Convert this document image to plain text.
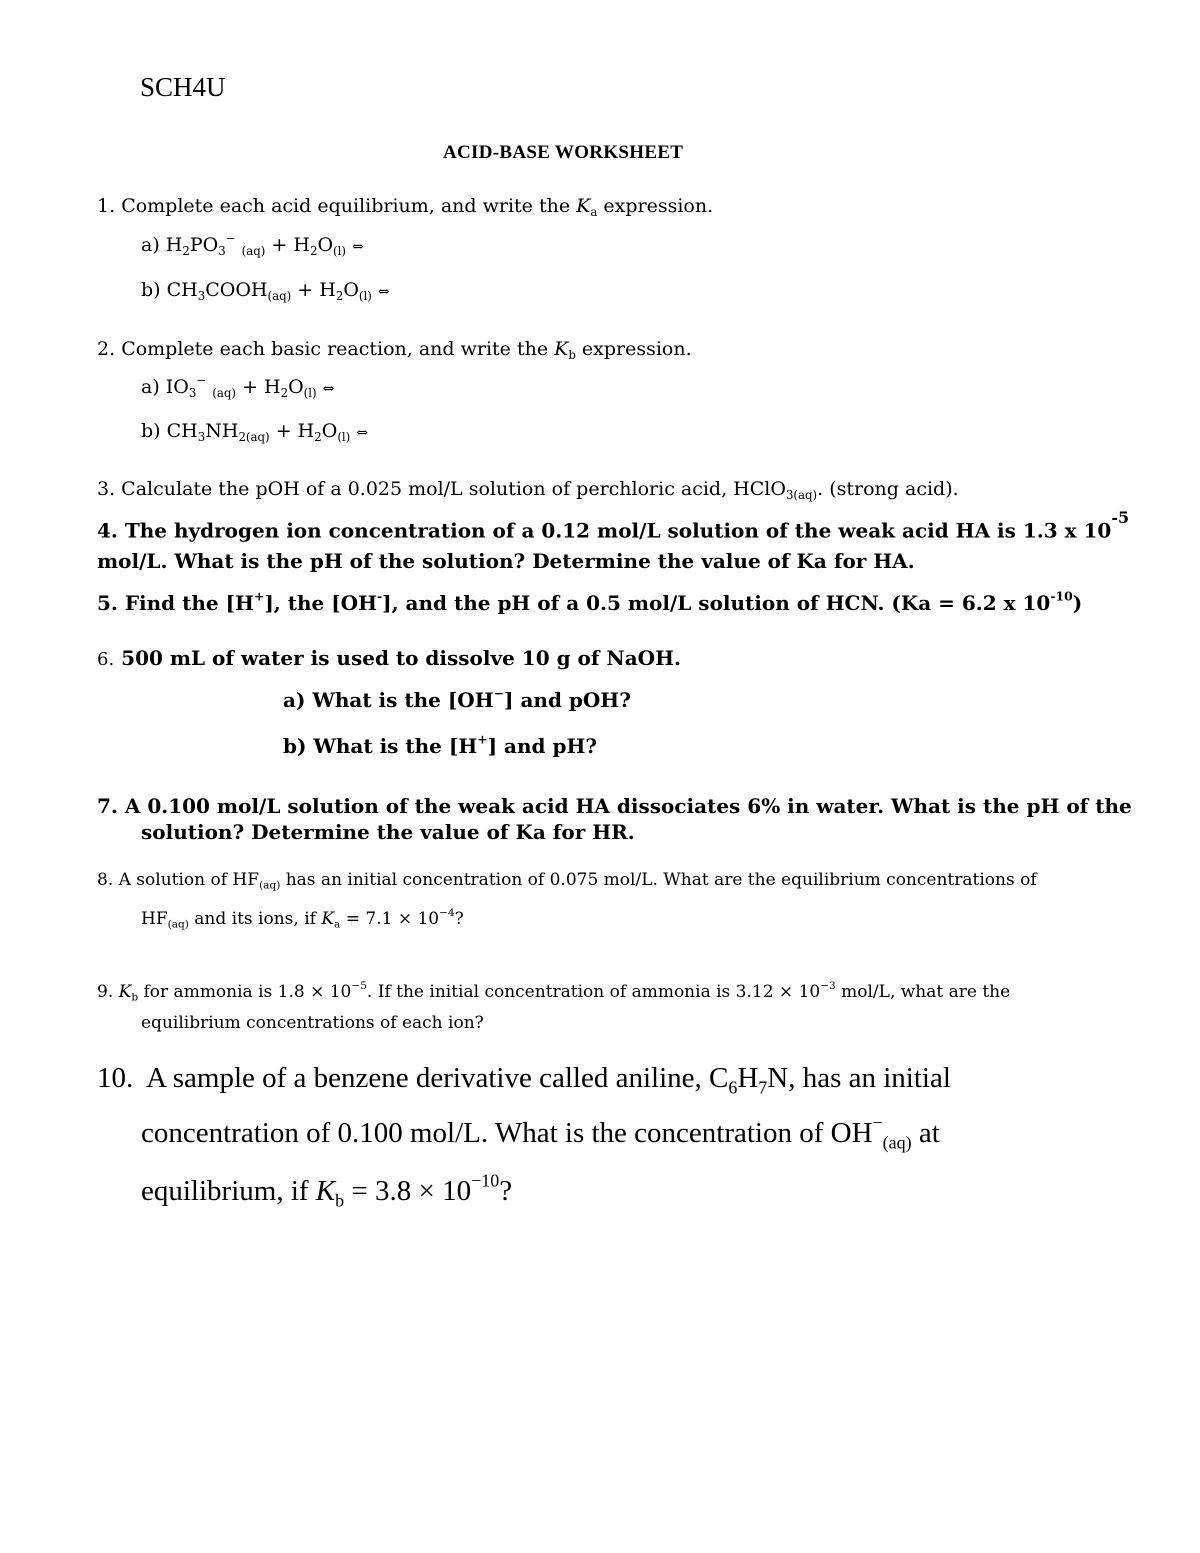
SCH4U
ACID-BASE WORKSHEET
1. Complete each acid equilibrium, and write the $K_a$ expression.
a) $H_2PO_3^-$ $_{(aq)} + H_2O_{(l)}$ ⇔
b) $CH_3COOH_{(aq)} + H_2O_{(l)}$ ⇔
2. Complete each basic reaction, and write the $K_b$ expression.
a) $IO_3^-$ $_{(aq)} + H_2O_{(l)}$ ⇔
b) $CH_3NH_{2(aq)} + H_2O_{(l)}$ ⇔
3. Calculate the pOH of a 0.025 mol/L solution of perchloric acid, HClO$_{3(aq)}$. (strong acid).
4. The hydrogen ion concentration of a 0.12 mol/L solution of the weak acid HA is 1.3 x $10^{-5}$
mol/L. What is the pH of the solution? Determine the value of Ka for HA.
5. Find the [H+], the [OH-], and the pH of a 0.5 mol/L solution of HCN. (Ka = 6.2 x $10^{-10}$)
6. 500 mL of water is used to dissolve 10 g of NaOH.
a) What is the [OH−] and pOH?
b) What is the [H+] and pH?
7. A 0.100 mol/L solution of the weak acid HA dissociates 6% in water. What is the pH of the
solution? Determine the value of Ka for HR.
8. A solution of $HF_{(aq)}$ has an initial concentration of 0.075 mol/L. What are the equilibrium concentrations of
$HF_{(aq)}$ and its ions, if $K_a = 7.1 \times 10^{-4}$?
9. $K_b$ for ammonia is $1.8 \times 10^{-5}$. If the initial concentration of ammonia is $3.12 \times 10^{-3}$ mol/L, what are the
equilibrium concentrations of each ion?
10. A sample of a benzene derivative called aniline, $C_6H_7N$, has an initial
concentration of 0.100 mol/L. What is the concentration of $OH^-_{(aq)}$ at
equilibrium, if $K_b = 3.8 \times 10^{-10}$?
